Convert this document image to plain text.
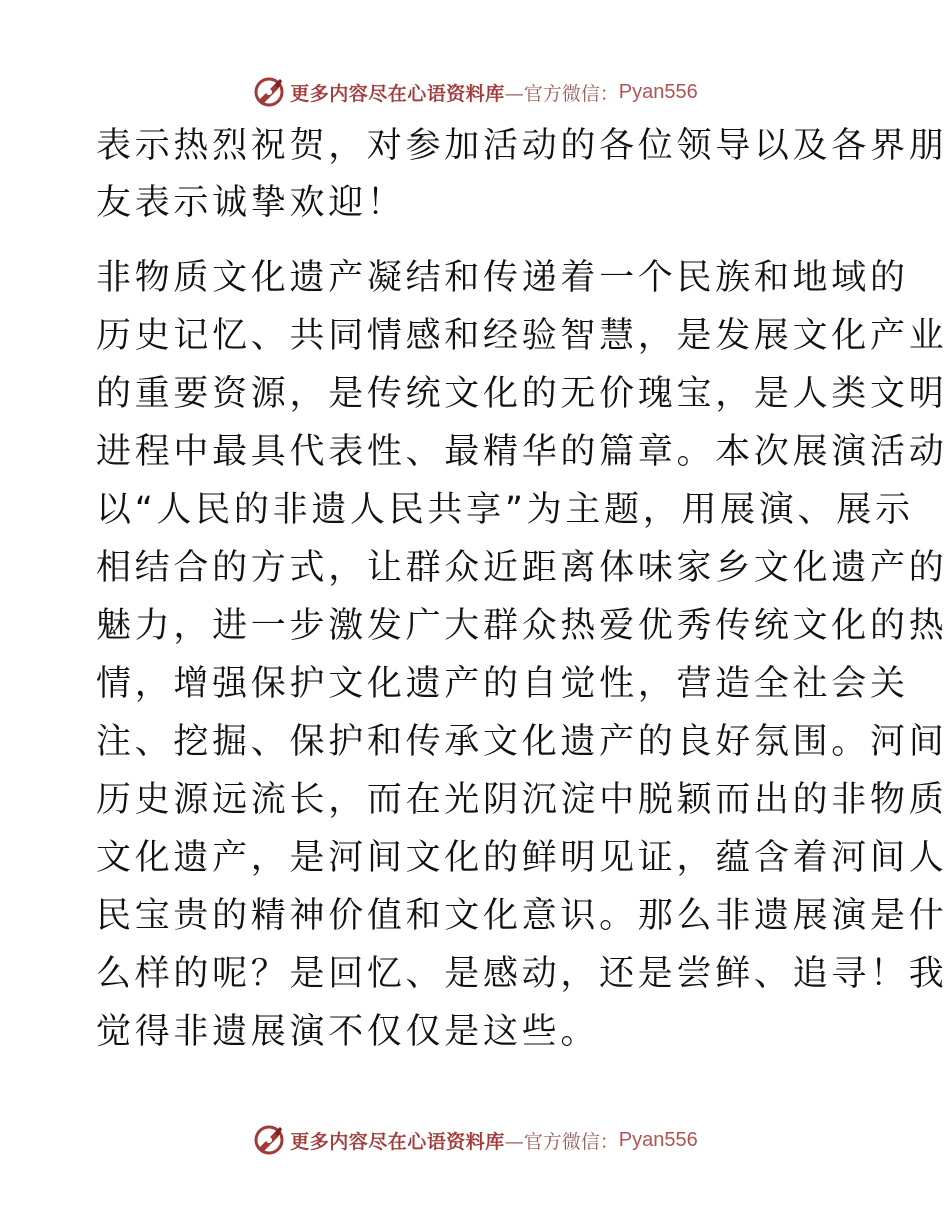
更多内容尽在心语资料库 —官方微信： Pyan556
表示热烈祝贺，对参加活动的各位领导以及各界朋
友表示诚挚欢迎！
非物质文化遗产凝结和传递着一个民族和地域的
历史记忆、共同情感和经验智慧，是发展文化产业
的重要资源，是传统文化的无价瑰宝，是人类文明
进程中最具代表性、最精华的篇章。本次展演活动
以“人民的非遗人民共享”为主题，用展演、展示
相结合的方式，让群众近距离体味家乡文化遗产的
魅力，进一步激发广大群众热爱优秀传统文化的热
情，增强保护文化遗产的自觉性，营造全社会关
注、挖掘、保护和传承文化遗产的良好氛围。河间
历史源远流长，而在光阴沉淀中脱颖而出的非物质
文化遗产，是河间文化的鲜明见证，蕴含着河间人
民宝贵的精神价值和文化意识。那么非遗展演是什
么样的呢？是回忆、是感动，还是尝鲜、追寻！我
觉得非遗展演不仅仅是这些。
更多内容尽在心语资料库 —官方微信： Pyan556
